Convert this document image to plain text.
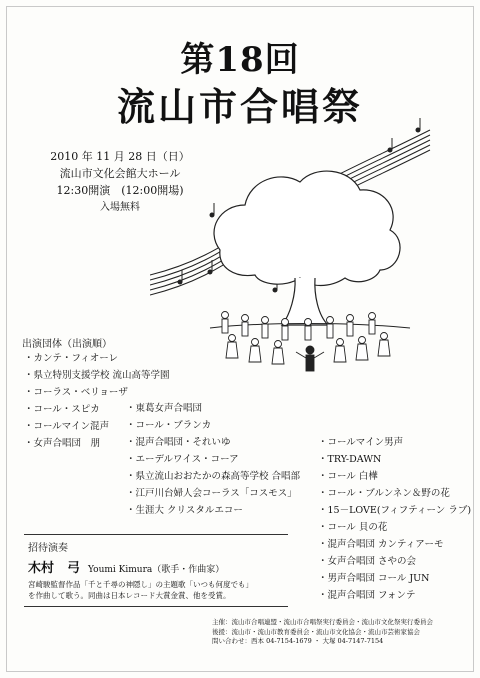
第18回
流山市合唱祭
2010 年 11 月 28 日（日）
流山市文化会館大ホール
12:30開演　(12:00開場)
入場無料
出演団体（出演順）
・カンテ・フィオーレ
・県立特別支援学校 流山高等学園
・コーラス・ベリョーザ
・コール・スピカ
・コールマイン混声
・女声合唱団　朋
・東葛女声合唱団
・コール・ブランカ
・混声合唱団・それいゆ
・エーデルワイス・コーア
・県立流山おおたかの森高等学校 合唱部
・江戸川台婦人会コーラス「コスモス」
・生涯大 クリスタルエコー
・コールマイン男声
・TRY-DAWN
・コール 白樺
・コール・ブルンネン＆野の花
・15－LOVE(フィフティーン ラブ)
・コール 貝の花
・混声合唱団 カンティアーモ
・女声合唱団 さやの会
・男声合唱団 コール JUN
・混声合唱団 フォンテ
招待演奏
木村　弓 Youmi Kimura（歌手・作曲家）
宮崎駿監督作品「千と千尋の神隠し」の主題歌「いつも何度でも」
を作曲して歌う。同曲は日本レコード大賞金賞、他を受賞。
主催：流山市合唱連盟・流山市合唱祭実行委員会・流山市文化祭実行委員会
後援：流山市・流山市教育委員会・流山市文化協会・流山市芸術家協会
問い合わせ：西本 04-7154-1679 ・ 大塚 04-7147-7154
